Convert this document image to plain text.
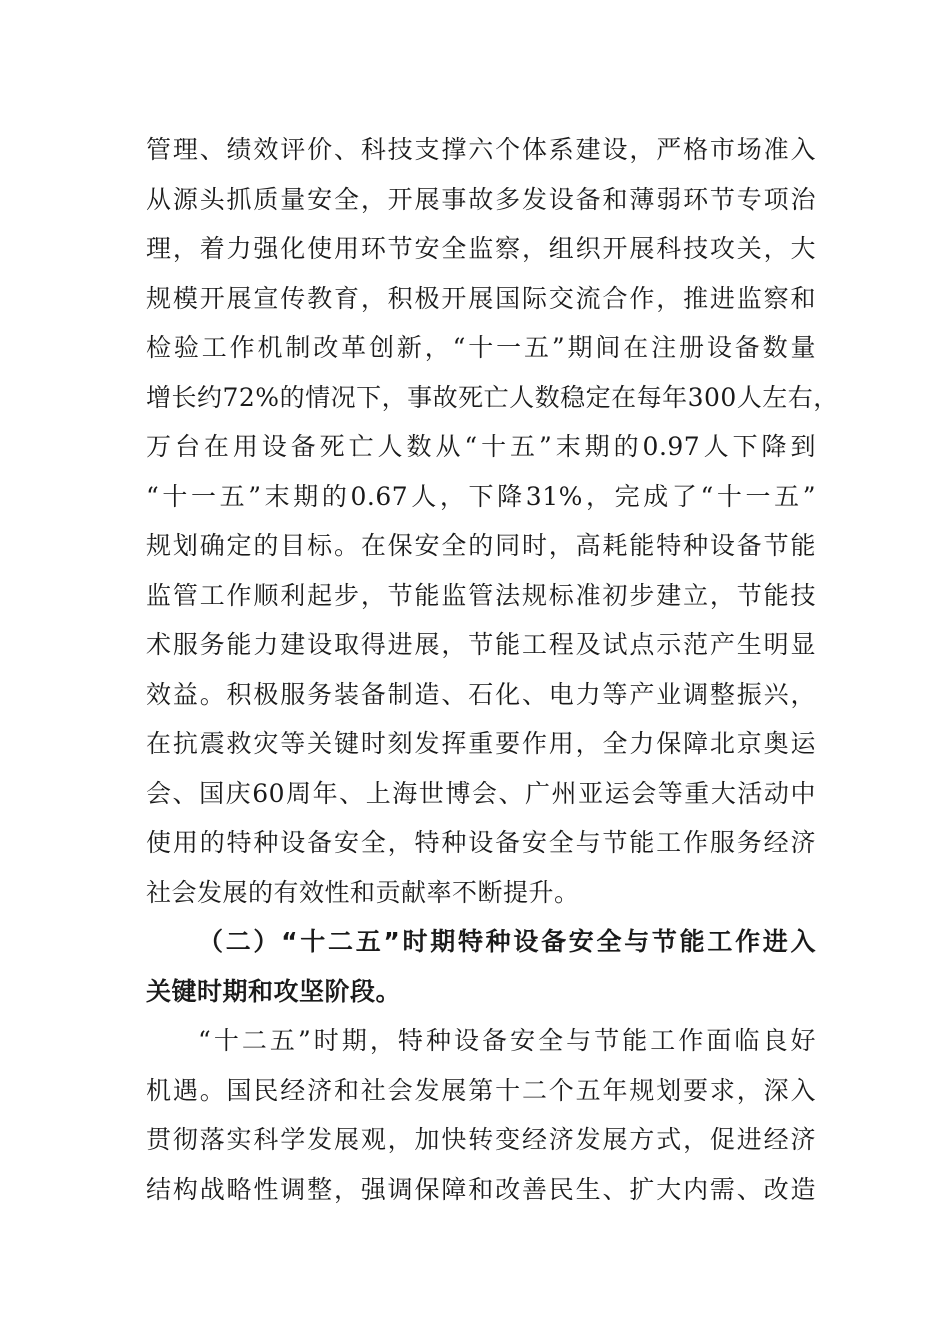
管理、绩效评价、科技支撑六个体系建设，严格市场准入
从源头抓质量安全，开展事故多发设备和薄弱环节专项治
理，着力强化使用环节安全监察，组织开展科技攻关，大
规模开展宣传教育，积极开展国际交流合作，推进监察和
检验工作机制改革创新，“十一五”期间在注册设备数量
增长约72%的情况下，事故死亡人数稳定在每年300人左右，
万台在用设备死亡人数从“十五”末期的0.97人下降到
“十一五”末期的0.67人，下降31%，完成了“十一五”
规划确定的目标。在保安全的同时，高耗能特种设备节能
监管工作顺利起步，节能监管法规标准初步建立，节能技
术服务能力建设取得进展，节能工程及试点示范产生明显
效益。积极服务装备制造、石化、电力等产业调整振兴，
在抗震救灾等关键时刻发挥重要作用，全力保障北京奥运
会、国庆60周年、上海世博会、广州亚运会等重大活动中
使用的特种设备安全，特种设备安全与节能工作服务经济
社会发展的有效性和贡献率不断提升。
（二）“十二五”时期特种设备安全与节能工作进入
关键时期和攻坚阶段。
“十二五”时期，特种设备安全与节能工作面临良好
机遇。国民经济和社会发展第十二个五年规划要求，深入
贯彻落实科学发展观，加快转变经济发展方式，促进经济
结构战略性调整，强调保障和改善民生、扩大内需、改造
